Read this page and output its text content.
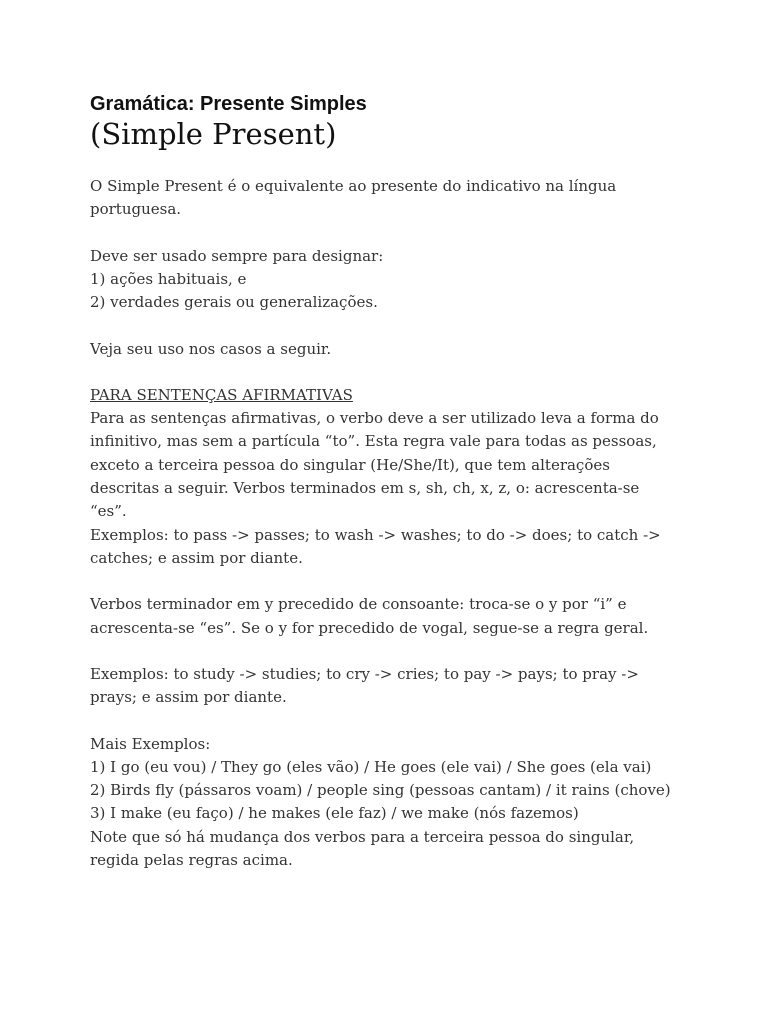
Gramática: Presente Simples
(Simple Present)
O Simple Present é o equivalente ao presente do indicativo na língua
portuguesa.
Deve ser usado sempre para designar:
1) ações habituais, e
2) verdades gerais ou generalizações.
Veja seu uso nos casos a seguir.
PARA SENTENÇAS AFIRMATIVAS
Para as sentenças afirmativas, o verbo deve a ser utilizado leva a forma do
infinitivo, mas sem a partícula “to”. Esta regra vale para todas as pessoas,
exceto a terceira pessoa do singular (He/She/It), que tem alterações
descritas a seguir. Verbos terminados em s, sh, ch, x, z, o: acrescenta-se
“es”.
Exemplos: to pass -> passes; to wash -> washes; to do -> does; to catch ->
catches; e assim por diante.
Verbos terminador em y precedido de consoante: troca-se o y por “i” e
acrescenta-se “es”. Se o y for precedido de vogal, segue-se a regra geral.
Exemplos: to study -> studies; to cry -> cries; to pay -> pays; to pray ->
prays; e assim por diante.
Mais Exemplos:
1) I go (eu vou) / They go (eles vão) / He goes (ele vai) / She goes (ela vai)
2) Birds fly (pássaros voam) / people sing (pessoas cantam) / it rains (chove)
3) I make (eu faço) / he makes (ele faz) / we make (nós fazemos)
Note que só há mudança dos verbos para a terceira pessoa do singular,
regida pelas regras acima.
